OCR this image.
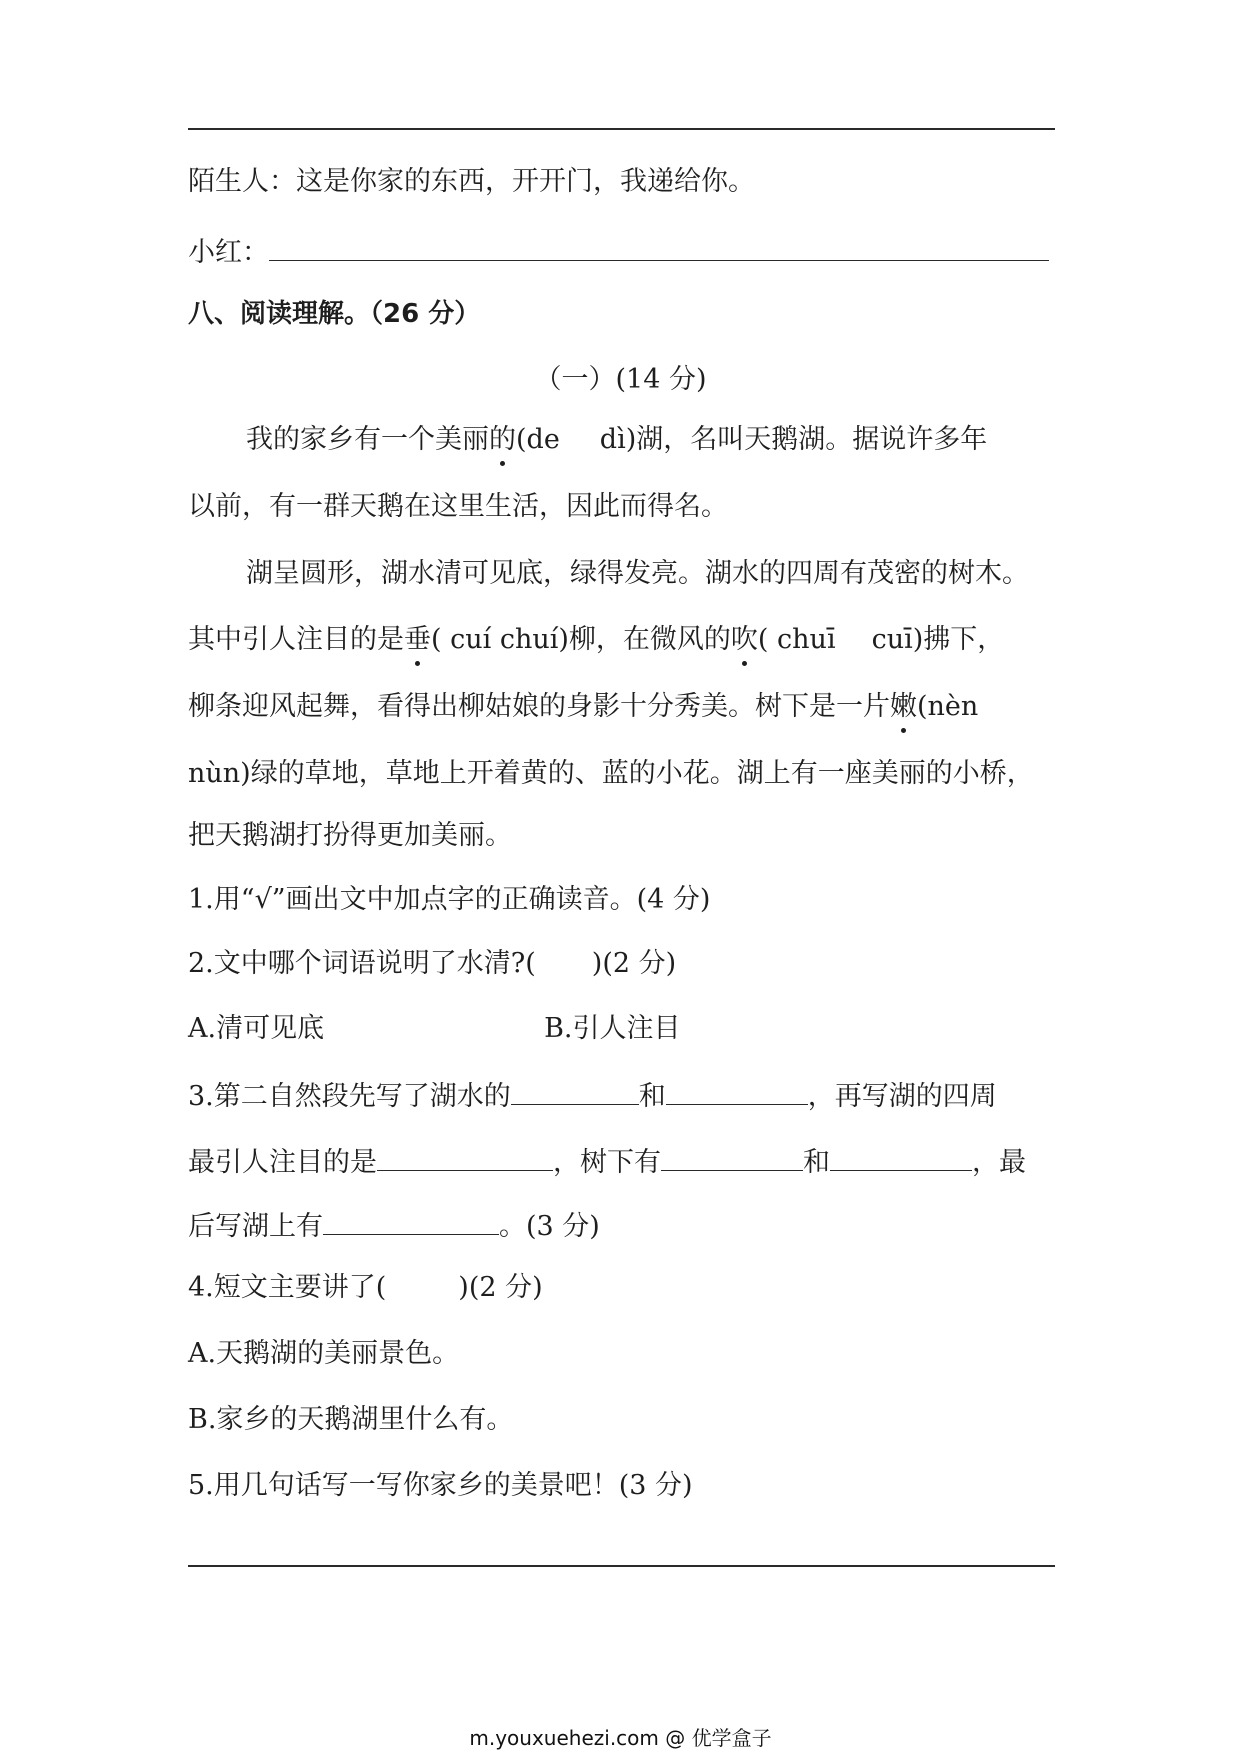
陌生人：这是你家的东西，开开门，我递给你。
小红：
八、阅读理解。（26 分）
（一）(14 分)
我的家乡有一个美丽的(de dì)湖，名叫天鹅湖。据说许多年
以前，有一群天鹅在这里生活，因此而得名。
湖呈圆形，湖水清可见底，绿得发亮。湖水的四周有茂密的树木。
其中引人注目的是垂( cuí chuí)柳，在微风的吹( chuī cuī)拂下，
柳条迎风起舞，看得出柳姑娘的身影十分秀美。树下是一片嫩(nèn
nùn)绿的草地，草地上开着黄的、蓝的小花。湖上有一座美丽的小桥，
把天鹅湖打扮得更加美丽。
1.用“√”画出文中加点字的正确读音。(4 分)
2.文中哪个词语说明了水清?( )(2 分)
A.清可见底	B.引人注目
3.第二自然段先写了湖水的	和	，再写湖的四周
最引人注目的是	，树下有	和	，最
后写湖上有	。(3 分)
4.短文主要讲了(	)(2 分)
A.天鹅湖的美丽景色。
B.家乡的天鹅湖里什么有。
5.用几句话写一写你家乡的美景吧！(3 分)
m.youxuehezi.com @ 优学盒子
